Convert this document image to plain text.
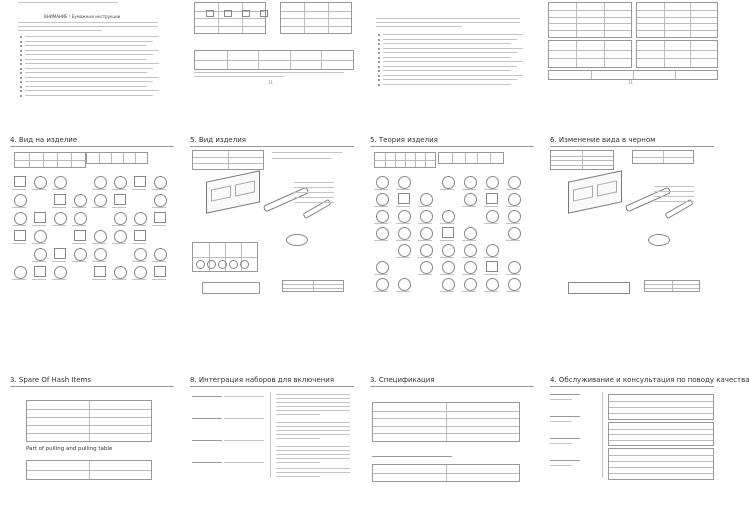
ВНИМАНИЕ ! Бумажные инструкции
11	11
4. Вид на изделие	5. Вид изделия	5. Теория изделия	6. Изменение вида в черном
3. Spare Of Hash Items
Part of pulling and pulling table
8. Интеграция наборов для включения	3. Спецификация	4. Обслуживание и консультация по поводу качества
